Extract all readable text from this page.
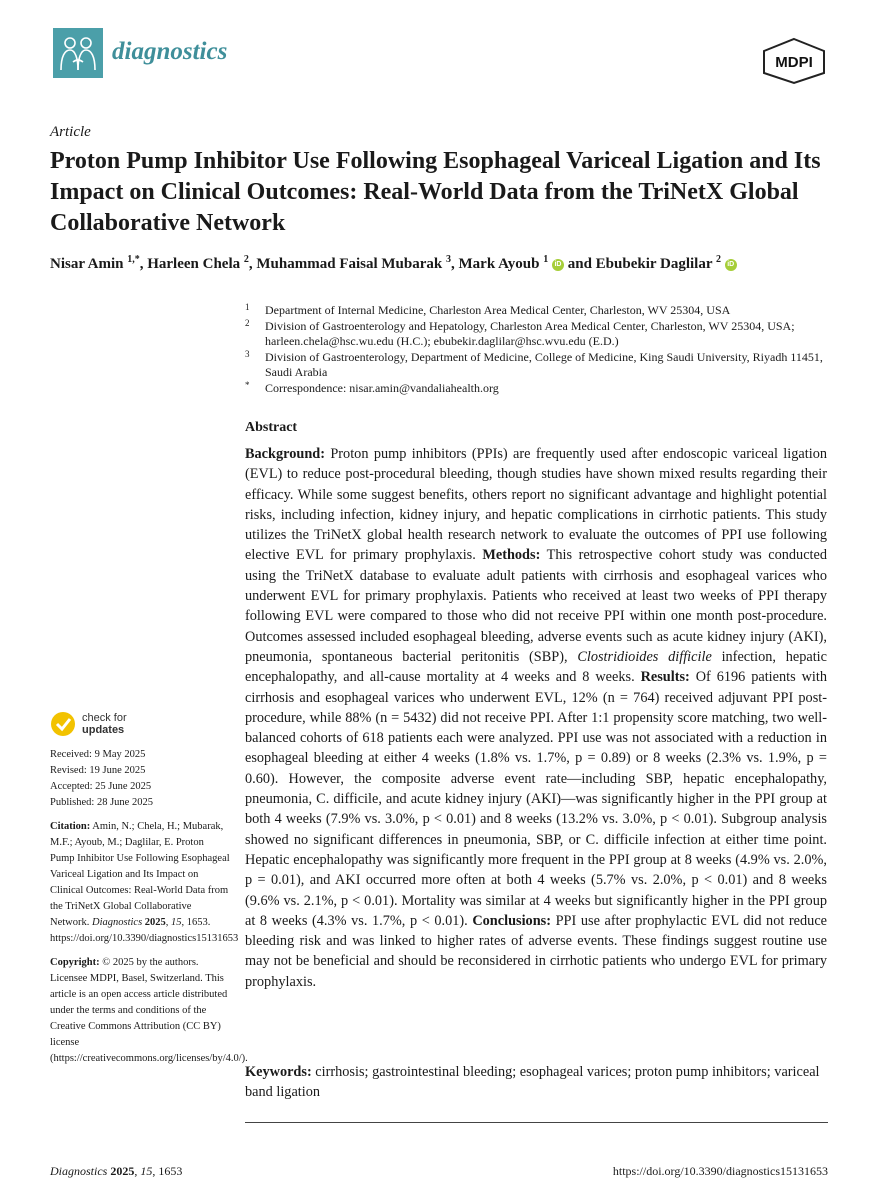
diagnostics	MDPI
Article
Proton Pump Inhibitor Use Following Esophageal Variceal Ligation and Its Impact on Clinical Outcomes: Real-World Data from the TriNetX Global Collaborative Network
Nisar Amin $^{1,*}$, Harleen Chela $^2$, Muhammad Faisal Mubarak $^3$, Mark Ayoub $^1$ iD and Ebubekir Daglilar $^2$ iD

1 Department of Internal Medicine, Charleston Area Medical Center, Charleston, WV 25304, USA

2 Division of Gastroenterology and Hepatology, Charleston Area Medical Center, Charleston, WV 25304, USA; harleen.chela@hsc.wu.edu (H.C.); ebubekir.daglilar@hsc.wvu.edu (E.D.)

3 Division of Gastroenterology, Department of Medicine, College of Medicine, King Saudi University, Riyadh 11451, Saudi Arabia

* Correspondence: nisar.amin@vandaliahealth.org

Abstract
Background: Proton pump inhibitors (PPIs) are frequently used after endoscopic variceal ligation (EVL) to reduce post-procedural bleeding, though studies have shown mixed results regarding their efficacy. While some suggest benefits, others report no significant advantage and highlight potential risks, including infection, kidney injury, and hepatic complications in cirrhotic patients. This study utilizes the TriNetX global health research network to evaluate the outcomes of PPI use following elective EVL for primary prophylaxis. Methods: This retrospective cohort study was conducted using the TriNetX database to evaluate adult patients with cirrhosis and esophageal varices who underwent EVL for primary prophylaxis. Patients who received at least two weeks of PPI therapy following EVL were compared to those who did not receive PPI within one month post-procedure. Outcomes assessed included esophageal bleeding, adverse events such as acute kidney injury (AKI), pneumonia, spontaneous bacterial peritonitis (SBP), Clostridioides difficile infection, hepatic encephalopathy, and all-cause mortality at 4 weeks and 8 weeks. Results: Of 6196 patients with cirrhosis and esophageal varices who underwent EVL, 12% (n = 764) received adjuvant PPI post-procedure, while 88% (n = 5432) did not receive PPI. After 1:1 propensity score matching, two well-balanced cohorts of 618 patients each were analyzed. PPI use was not associated with a reduction in esophageal bleeding at either 4 weeks (1.8% vs. 1.7%, p = 0.89) or 8 weeks (2.3% vs. 1.9%, p = 0.60). However, the composite adverse event rate—including SBP, hepatic encephalopathy, pneumonia, C. difficile, and acute kidney injury (AKI)—was significantly higher in the PPI group at both 4 weeks (7.9% vs. 3.0%, p < 0.01) and 8 weeks (13.2% vs. 3.0%, p < 0.01). Subgroup analysis showed no significant differences in pneumonia, SBP, or C. difficile infection at either time point. Hepatic encephalopathy was significantly more frequent in the PPI group at 8 weeks (4.9% vs. 2.0%, p = 0.01), and AKI occurred more often at both 4 weeks (5.7% vs. 2.0%, p < 0.01) and 8 weeks (9.6% vs. 2.1%, p < 0.01). Mortality was similar at 4 weeks but significantly higher in the PPI group at 8 weeks (4.3% vs. 1.7%, p < 0.01). Conclusions: PPI use after prophylactic EVL did not reduce bleeding risk and was linked to higher rates of adverse events. These findings suggest routine use may not be beneficial and should be reconsidered in cirrhotic patients who undergo EVL for primary prophylaxis.
Keywords: cirrhosis; gastrointestinal bleeding; esophageal varices; proton pump inhibitors; variceal band ligation
check for
updates

Received: 9 May 2025
Revised: 19 June 2025
Accepted: 25 June 2025
Published: 28 June 2025

Citation: Amin, N.; Chela, H.; Mubarak, M.F.; Ayoub, M.; Daglilar, E. Proton Pump Inhibitor Use Following Esophageal Variceal Ligation and Its Impact on Clinical Outcomes: Real-World Data from the TriNetX Global Collaborative Network. Diagnostics 2025, 15, 1653. https://doi.org/10.3390/diagnostics15131653

Copyright: © 2025 by the authors. Licensee MDPI, Basel, Switzerland. This article is an open access article distributed under the terms and conditions of the Creative Commons Attribution (CC BY) license (https://creativecommons.org/licenses/by/4.0/).

Diagnostics 2025, 15, 1653	https://doi.org/10.3390/diagnostics15131653
